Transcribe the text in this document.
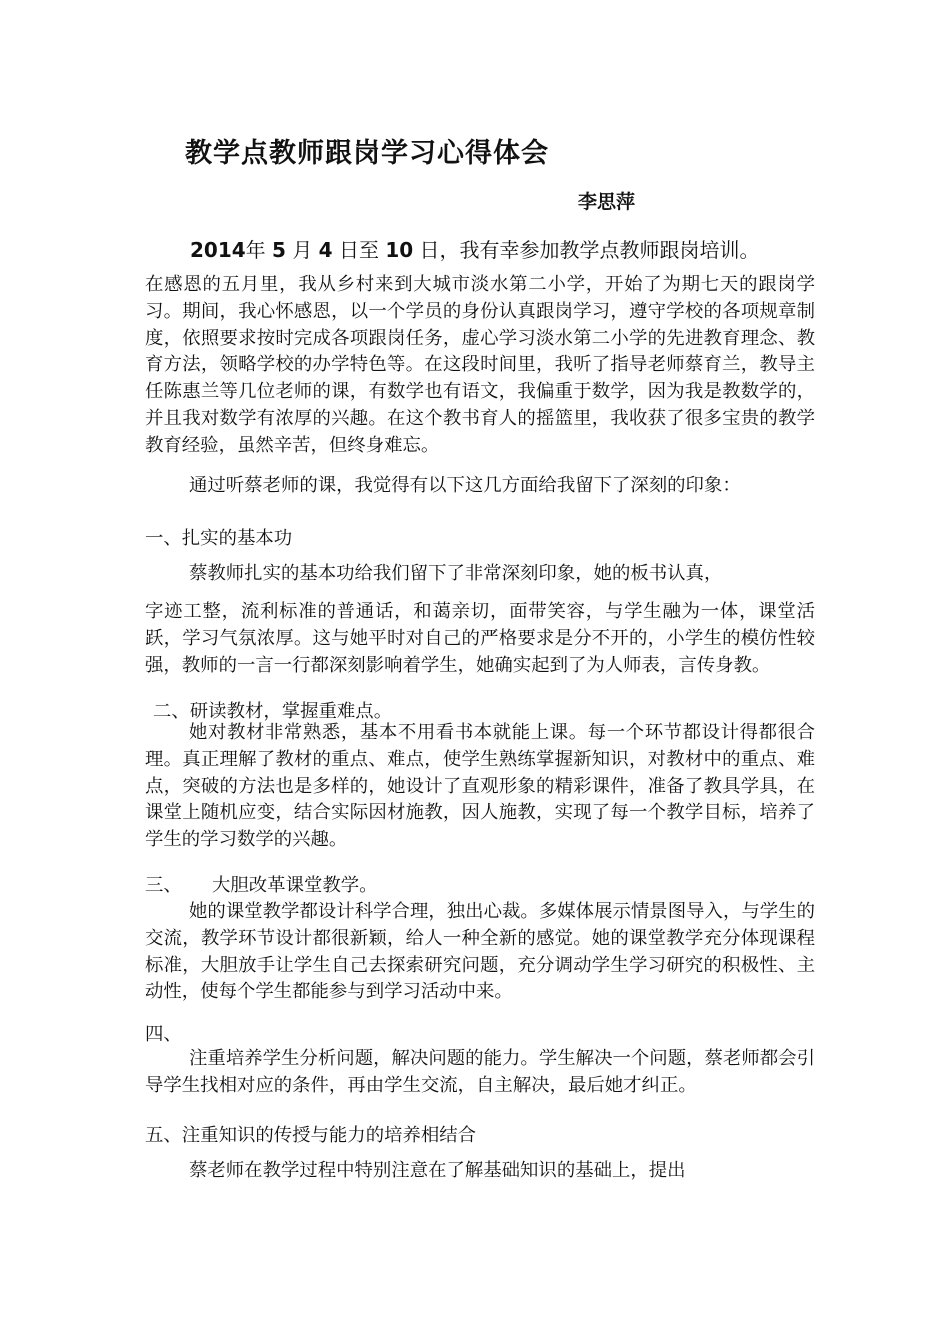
教学点教师跟岗学习心得体会
李思萍
2014年 5 月 4 日至 10 日，我有幸参加教学点教师跟岗培训。

在感恩的五月里，我从乡村来到大城市淡水第二小学，开始了为期七天的跟岗学习。期间，我心怀感恩，以一个学员的身份认真跟岗学习，遵守学校的各项规章制度，依照要求按时完成各项跟岗任务，虚心学习淡水第二小学的先进教育理念、教育方法，领略学校的办学特色等。在这段时间里，我听了指导老师蔡育兰，教导主任陈惠兰等几位老师的课，有数学也有语文，我偏重于数学，因为我是教数学的，并且我对数学有浓厚的兴趣。在这个教书育人的摇篮里，我收获了很多宝贵的教学教育经验，虽然辛苦，但终身难忘。

通过听蔡老师的课，我觉得有以下这几方面给我留下了深刻的印象：

一、扎实的基本功

蔡教师扎实的基本功给我们留下了非常深刻印象，她的板书认真，

字迹工整，流利标准的普通话，和蔼亲切，面带笑容，与学生融为一体，课堂活跃，学习气氛浓厚。这与她平时对自己的严格要求是分不开的，小学生的模仿性较强，教师的一言一行都深刻影响着学生，她确实起到了为人师表，言传身教。

二、研读教材，掌握重难点。

她对教材非常熟悉，基本不用看书本就能上课。每一个环节都设计得都很合理。真正理解了教材的重点、难点，使学生熟练掌握新知识，对教材中的重点、难点，突破的方法也是多样的，她设计了直观形象的精彩课件，准备了教具学具，在课堂上随机应变，结合实际因材施教，因人施教，实现了每一个教学目标，培养了学生的学习数学的兴趣。

三、 大胆改革课堂教学。

她的课堂教学都设计科学合理，独出心裁。多媒体展示情景图导入，与学生的交流，教学环节设计都很新颖，给人一种全新的感觉。她的课堂教学充分体现课程标准，大胆放手让学生自己去探索研究问题，充分调动学生学习研究的积极性、主动性，使每个学生都能参与到学习活动中来。

四、

注重培养学生分析问题，解决问题的能力。学生解决一个问题，蔡老师都会引导学生找相对应的条件，再由学生交流，自主解决，最后她才纠正。

五、注重知识的传授与能力的培养相结合

蔡老师在教学过程中特别注意在了解基础知识的基础上，提出
